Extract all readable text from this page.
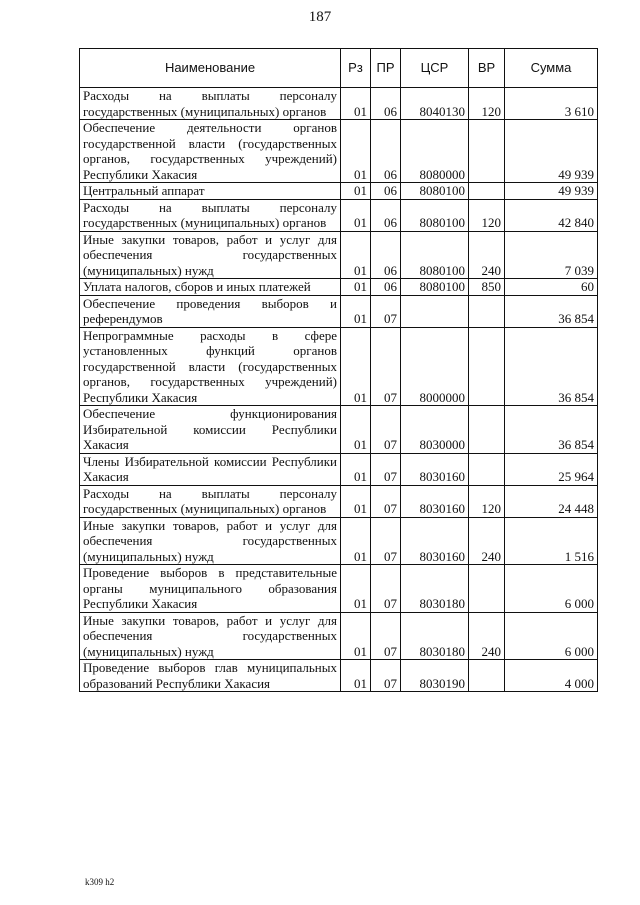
187
Наименование	Рз	ПР	ЦСР	ВР	Сумма
Расходы на выплаты персоналу государственных (муниципальных) органов	01	06	8040130	120	3 610
Обеспечение деятельности органов государственной власти (государственных органов, государственных учреждений) Республики Хакасия	01	06	8080000		49 939
Центральный аппарат	01	06	8080100		49 939
Расходы на выплаты персоналу государственных (муниципальных) органов	01	06	8080100	120	42 840
Иные закупки товаров, работ и услуг для обеспечения государственных (муниципальных) нужд	01	06	8080100	240	7 039
Уплата налогов, сборов и иных платежей	01	06	8080100	850	60
Обеспечение проведения выборов и референдумов	01	07			36 854
Непрограммные расходы в сфере установленных функций органов государственной власти (государственных органов, государственных учреждений) Республики Хакасия	01	07	8000000		36 854
Обеспечение функционирования Избирательной комиссии Республики Хакасия	01	07	8030000		36 854
Члены Избирательной комиссии Республики Хакасия	01	07	8030160		25 964
Расходы на выплаты персоналу государственных (муниципальных) органов	01	07	8030160	120	24 448
Иные закупки товаров, работ и услуг для обеспечения государственных (муниципальных) нужд	01	07	8030160	240	1 516
Проведение выборов в представительные органы муниципального образования Республики Хакасия	01	07	8030180		6 000
Иные закупки товаров, работ и услуг для обеспечения государственных (муниципальных) нужд	01	07	8030180	240	6 000
Проведение выборов глав муниципальных образований Республики Хакасия	01	07	8030190		4 000
k309 h2
